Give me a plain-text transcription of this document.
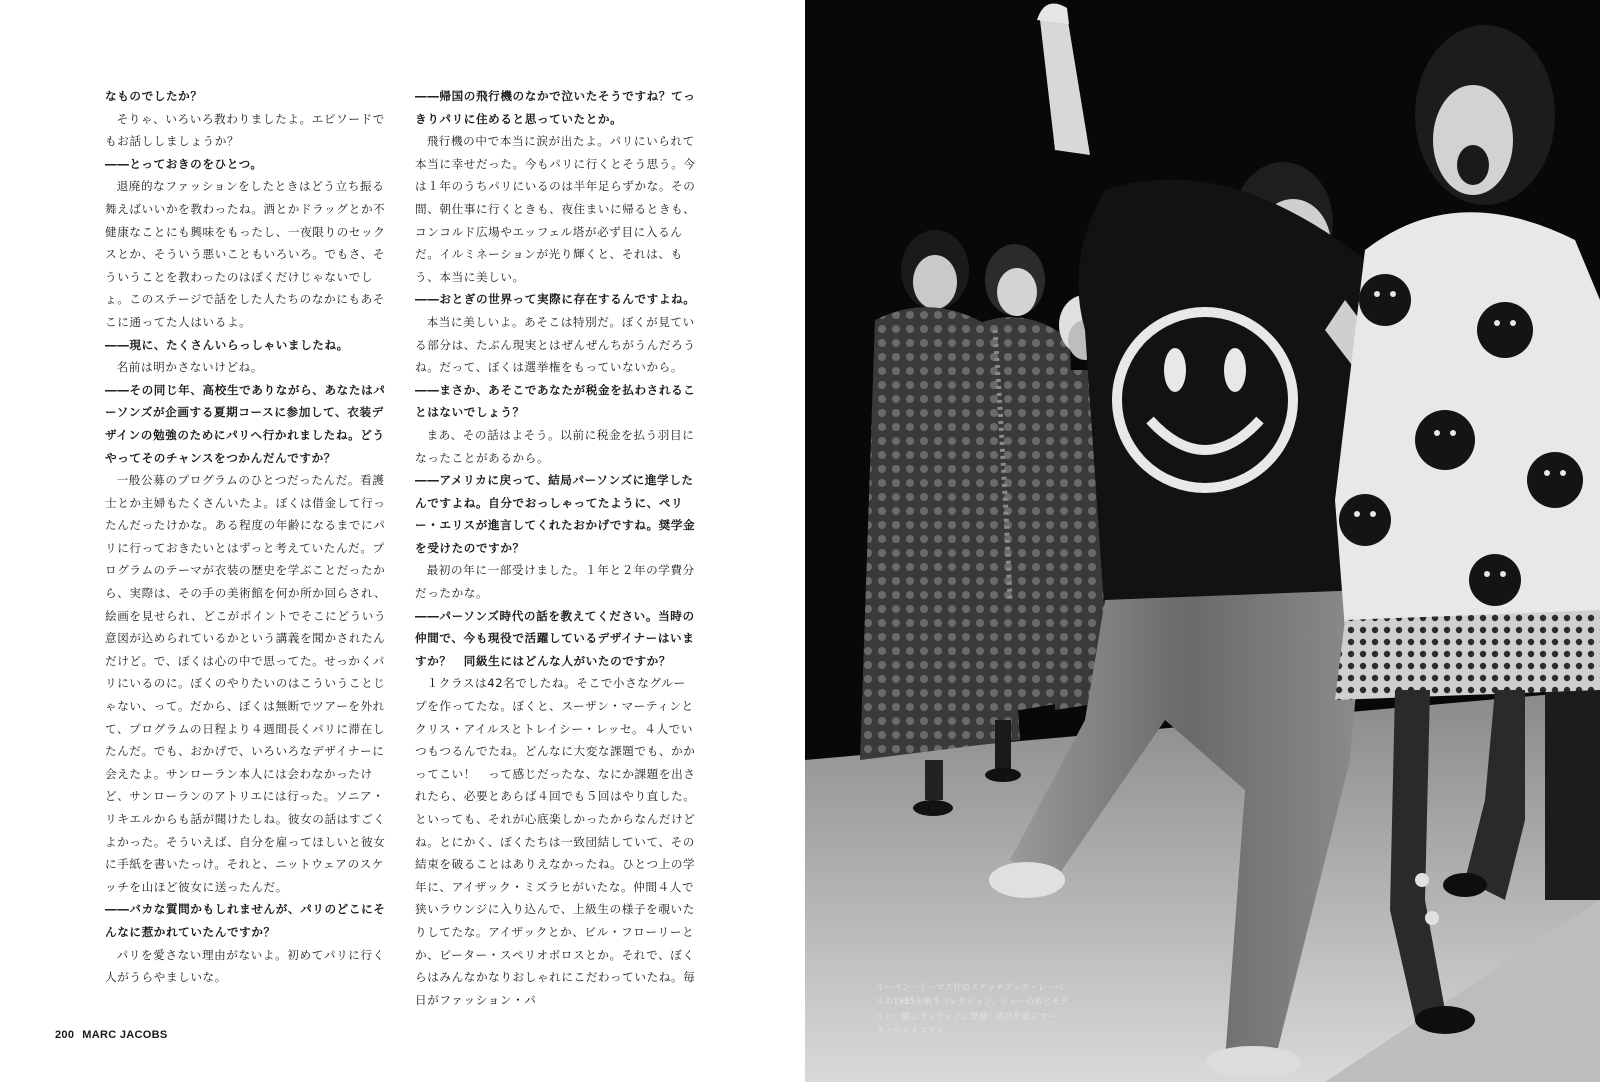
なものでしたか？

そりゃ、いろいろ教わりましたよ。エピソードでもお話ししましょうか？

――とっておきのをひとつ。

退廃的なファッションをしたときはどう立ち振る舞えばいいかを教わったね。酒とかドラッグとか不健康なことにも興味をもったし、一夜限りのセックスとか、そういう悪いこともいろいろ。でもさ、そういうことを教わったのはぼくだけじゃないでしょ。このステージで話をした人たちのなかにもあそこに通ってた人はいるよ。

――現に、たくさんいらっしゃいましたね。

名前は明かさないけどね。

――その同じ年、高校生でありながら、あなたはパーソンズが企画する夏期コースに参加して、衣装デザインの勉強のためにパリへ行かれましたね。どうやってそのチャンスをつかんだんですか？

一般公募のプログラムのひとつだったんだ。看護士とか主婦もたくさんいたよ。ぼくは借金して行ったんだったけかな。ある程度の年齢になるまでにパリに行っておきたいとはずっと考えていたんだ。プログラムのテーマが衣装の歴史を学ぶことだったから、実際は、その手の美術館を何か所か回らされ、絵画を見せられ、どこがポイントでそこにどういう意図が込められているかという講義を聞かされたんだけど。で、ぼくは心の中で思ってた。せっかくパリにいるのに。ぼくのやりたいのはこういうことじゃない、って。だから、ぼくは無断でツアーを外れて、プログラムの日程より４週間長くパリに滞在したんだ。でも、おかげで、いろいろなデザイナーに会えたよ。サンローラン本人には会わなかったけど、サンローランのアトリエには行った。ソニア・リキエルからも話が聞けたしね。彼女の話はすごくよかった。そういえば、自分を雇ってほしいと彼女に手紙を書いたっけ。それと、ニットウェアのスケッチを山ほど彼女に送ったんだ。

――バカな質問かもしれませんが、パリのどこにそんなに惹かれていたんですか？

パリを愛さない理由がないよ。初めてパリに行く人がうらやましいな。

――帰国の飛行機のなかで泣いたそうですね？てっきりパリに住めると思っていたとか。

飛行機の中で本当に涙が出たよ。パリにいられて本当に幸せだった。今もパリに行くとそう思う。今は１年のうちパリにいるのは半年足らずかな。その間、朝仕事に行くときも、夜住まいに帰るときも、コンコルド広場やエッフェル塔が必ず目に入るんだ。イルミネーションが光り輝くと、それは、もう、本当に美しい。

――おとぎの世界って実際に存在するんですよね。

本当に美しいよ。あそこは特別だ。ぼくが見ている部分は、たぶん現実とはぜんぜんちがうんだろうね。だって、ぼくは選挙権をもっていないから。

――まさか、あそこであなたが税金を払わされることはないでしょう？

まあ、その話はよそう。以前に税金を払う羽目になったことがあるから。

――アメリカに戻って、結局パーソンズに進学したんですよね。自分でおっしゃってたように、ペリー・エリスが進言してくれたおかげですね。奨学金を受けたのですか？

最初の年に一部受けました。１年と２年の学費分だったかな。

――パーソンズ時代の話を教えてください。当時の仲間で、今も現役で活躍しているデザイナーはいますか？　同級生にはどんな人がいたのですか？

１クラスは42名でしたね。そこで小さなグループを作ってたな。ぼくと、スーザン・マーティンとクリス・アイルスとトレイシー・レッセ。４人でいつもつるんでたね。どんなに大変な課題でも、かかってこい！　って感じだったな、なにか課題を出されたら、必要とあらば４回でも５回はやり直した。といっても、それが心底楽しかったからなんだけどね。とにかく、ぼくたちは一致団結していて、その結束を破ることはありえなかったね。ひとつ上の学年に、アイザック・ミズラヒがいたな。仲間４人で狭いラウンジに入り込んで、上級生の様子を覗いたりしてたな。アイザックとか、ビル・フローリーとか、ピーター・スペリオボロスとか。それで、ぼくらはみんなかなりおしゃれにこだわっていたね。毎日がファッション・パ

200 MARC JACOBS
ルーベン・トーマス社のスケッチブック・レーベルの1985年秋冬コレクション。ショーのあとモデルと一緒にランウェイに登場し成功を喜ぶマーク・ジェイコブス。
